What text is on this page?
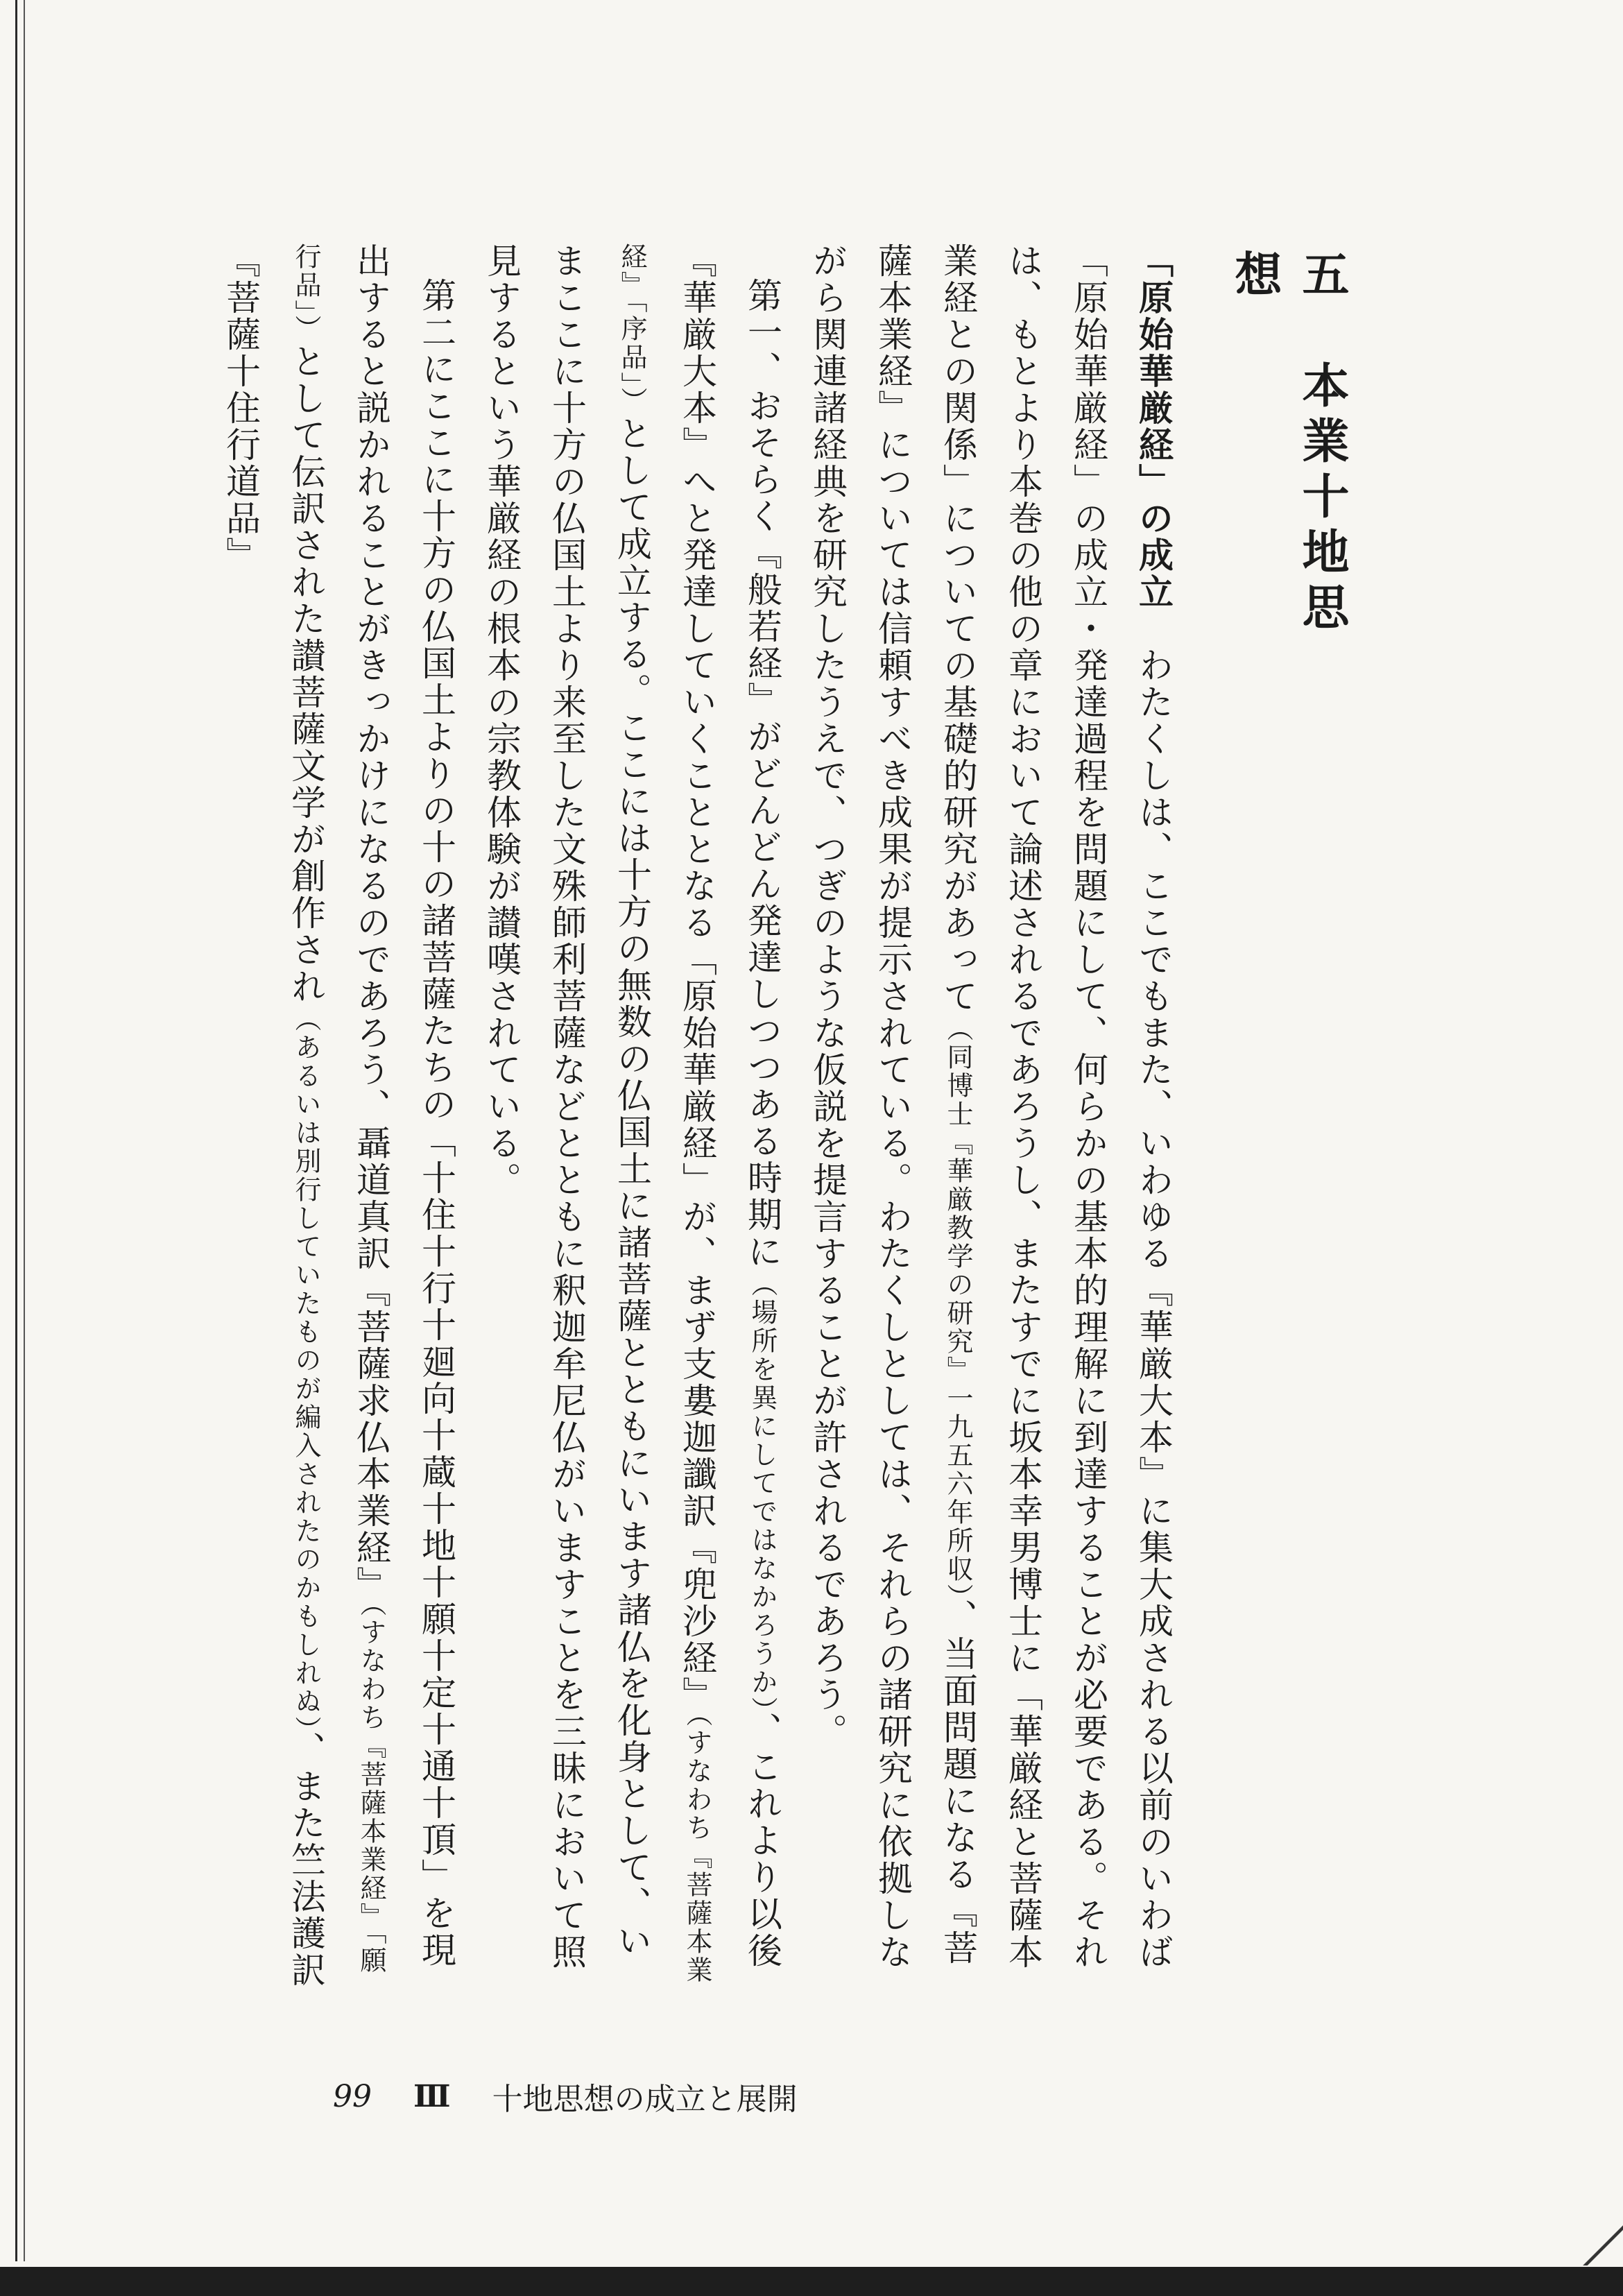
五　本業十地思想

「原始華厳経」の成立　わたくしは、ここでもまた、いわゆる『華厳大本』に集大成される以前のいわば「原始華厳経」の成立・発達過程を問題にして、何らかの基本的理解に到達することが必要である。それは、もとより本巻の他の章において論述されるであろうし、またすでに坂本幸男博士に「華厳経と菩薩本業経との関係」についての基礎的研究があって（同博士『華厳教学の研究』一九五六年所収）、当面問題になる『菩薩本業経』については信頼すべき成果が提示されている。わたくしとしては、それらの諸研究に依拠しながら関連諸経典を研究したうえで、つぎのような仮説を提言することが許されるであろう。

第一、おそらく『般若経』がどんどん発達しつつある時期に（場所を異にしてではなかろうか）、これより以後『華厳大本』へと発達していくこととなる「原始華厳経」が、まず支婁迦讖訳『兜沙経』（すなわち『菩薩本業経』「序品」）として成立する。ここには十方の無数の仏国土に諸菩薩とともにいます諸仏を化身として、いまここに十方の仏国土より来至した文殊師利菩薩などとともに釈迦牟尼仏がいますことを三昧において照見するという華厳経の根本の宗教体験が讃嘆されている。

第二にここに十方の仏国土よりの十の諸菩薩たちの「十住十行十廻向十蔵十地十願十定十通十頂」を現出すると説かれることがきっかけになるのであろう、聶道真訳『菩薩求仏本業経』（すなわち『菩薩本業経』「願行品」）として伝訳された讃菩薩文学が創作され（あるいは別行していたものが編入されたのかもしれぬ）、また竺法護訳『菩薩十住行道品』

99 Ⅲ 十地思想の成立と展開
